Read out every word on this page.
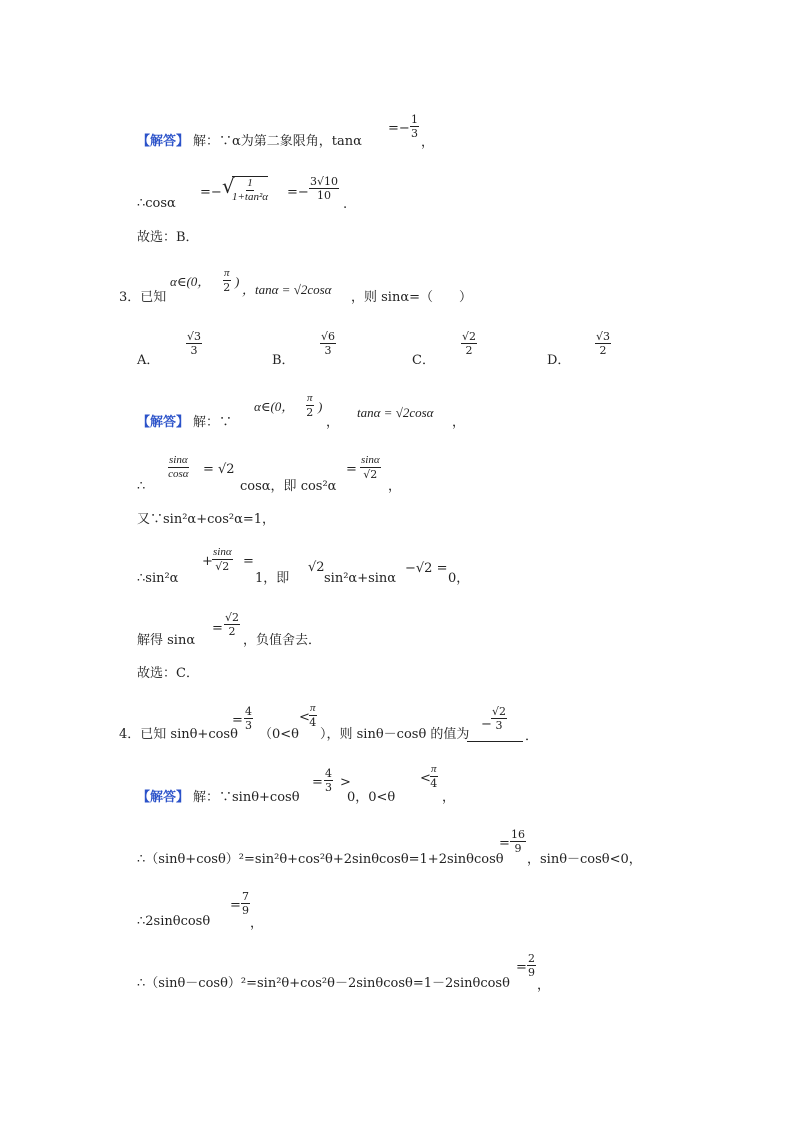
【解答】 解：∵α为第二象限角，tanα
=− $\frac{1}{3}$
，
∴cosα
=− √
$\frac{1}{\text{1+tan²α}} =- \frac{3√10}{10}$
.
故选：B．
3．已知
α∈(0， $\frac{\pi}{2}$ )
，tanα = √2cosα
，则 sinα=（　　）
A．
$\frac{√3}{3}$
B．
$\frac{√6}{3}$
C．
$\frac{√2}{2}$
D．
$\frac{√3}{2}$
【解答】 解：∵
α∈(0， $\frac{\pi}{2}$ )
，
tanα = √2cosα
，
∴
$\frac{\sin\alpha}{\cos\alpha} = √2$
cosα，即 cos²α
= $\frac{\sin\alpha}{√2}$
，
又∵sin²α+cos²α=1，
∴sin²α
+ $\frac{\sin\alpha}{√2}$ =
1，即
√2
sin²α+sinα
−√2 =
0，
解得 sinα
= $\frac{√2}{2}$
，负值舍去．
故选：C．
4．已知 sinθ+cosθ
= $\frac{4}{3}$
（0<θ
< $\frac{\pi}{4}$
），则 sinθ－cosθ 的值为
− $\frac{√2}{3}$
．
【解答】 解：∵sinθ+cosθ
= $\frac{4}{3}$ >
0，0<θ
< $\frac{\pi}{4}$
，
∴（sinθ+cosθ）²=sin²θ+cos²θ+2sinθcosθ=1+2sinθcosθ
= $\frac{16}{9}$
，sinθ－cosθ<0，
∴2sinθcosθ
= $\frac{7}{9}$
，
∴（sinθ－cosθ）²=sin²θ+cos²θ－2sinθcosθ=1－2sinθcosθ
= $\frac{2}{9}$
，
